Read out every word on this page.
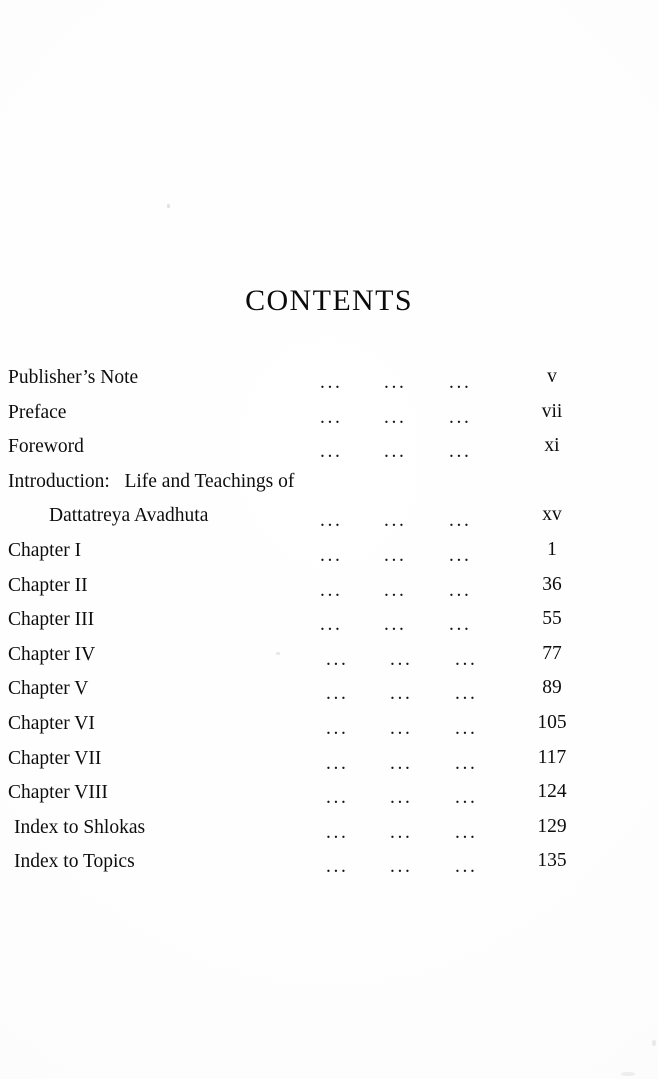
CONTENTS
Publisher’s Note	... ... ...	v
Preface	... ... ...	vii
Foreword	... ... ...	xi
Introduction:   Life and Teachings of
Dattatreya Avadhuta	... ... ...	xv
Chapter I	... ... ...	1
Chapter II	... ... ...	36
Chapter III	... ... ...	55
Chapter IV	... ... ...	77
Chapter V	... ... ...	89
Chapter VI	... ... ...	105
Chapter VII	... ... ...	117
Chapter VIII	... ... ...	124
Index to Shlokas	... ... ...	129
Index to Topics	... ... ...	135
